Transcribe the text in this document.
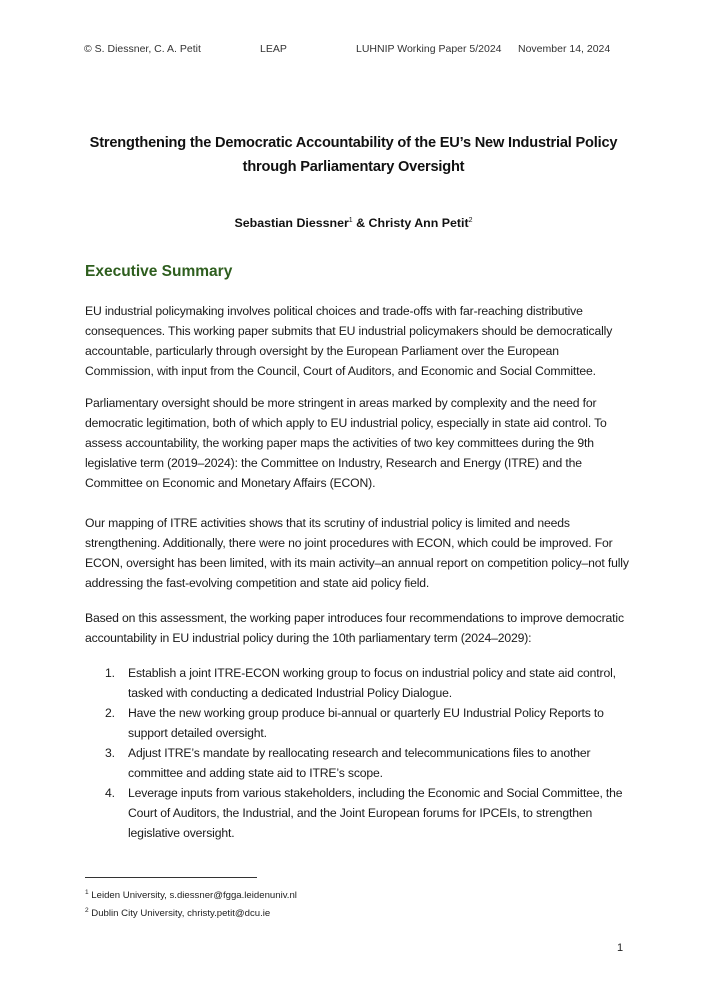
© S. Diessner, C. A. Petit	LEAP	LUHNIP Working Paper 5/2024 November 14, 2024
Strengthening the Democratic Accountability of the EU’s New Industrial Policy
through Parliamentary Oversight
Sebastian Diessner$^1$ & Christy Ann Petit$^2$
Executive Summary

EU industrial policymaking involves political choices and trade-offs with far-reaching distributive consequences. This working paper submits that EU industrial policymakers should be democratically accountable, particularly through oversight by the European Parliament over the European Commission, with input from the Council, Court of Auditors, and Economic and Social Committee.

Parliamentary oversight should be more stringent in areas marked by complexity and the need for democratic legitimation, both of which apply to EU industrial policy, especially in state aid control. To assess accountability, the working paper maps the activities of two key committees during the 9th legislative term (2019–2024): the Committee on Industry, Research and Energy (ITRE) and the Committee on Economic and Monetary Affairs (ECON).

Our mapping of ITRE activities shows that its scrutiny of industrial policy is limited and needs strengthening. Additionally, there were no joint procedures with ECON, which could be improved. For ECON, oversight has been limited, with its main activity–an annual report on competition policy–not fully addressing the fast-evolving competition and state aid policy field.

Based on this assessment, the working paper introduces four recommendations to improve democratic accountability in EU industrial policy during the 10th parliamentary term (2024–2029):

1. Establish a joint ITRE-ECON working group to focus on industrial policy and state aid control, tasked with conducting a dedicated Industrial Policy Dialogue.
2. Have the new working group produce bi-annual or quarterly EU Industrial Policy Reports to support detailed oversight.
3. Adjust ITRE’s mandate by reallocating research and telecommunications files to another committee and adding state aid to ITRE’s scope.
4. Leverage inputs from various stakeholders, including the Economic and Social Committee, the Court of Auditors, the Industrial, and the Joint European forums for IPCEIs, to strengthen legislative oversight.
$^1$ Leiden University, s.diessner@fgga.leidenuniv.nl
$^2$ Dublin City University, christy.petit@dcu.ie
1
